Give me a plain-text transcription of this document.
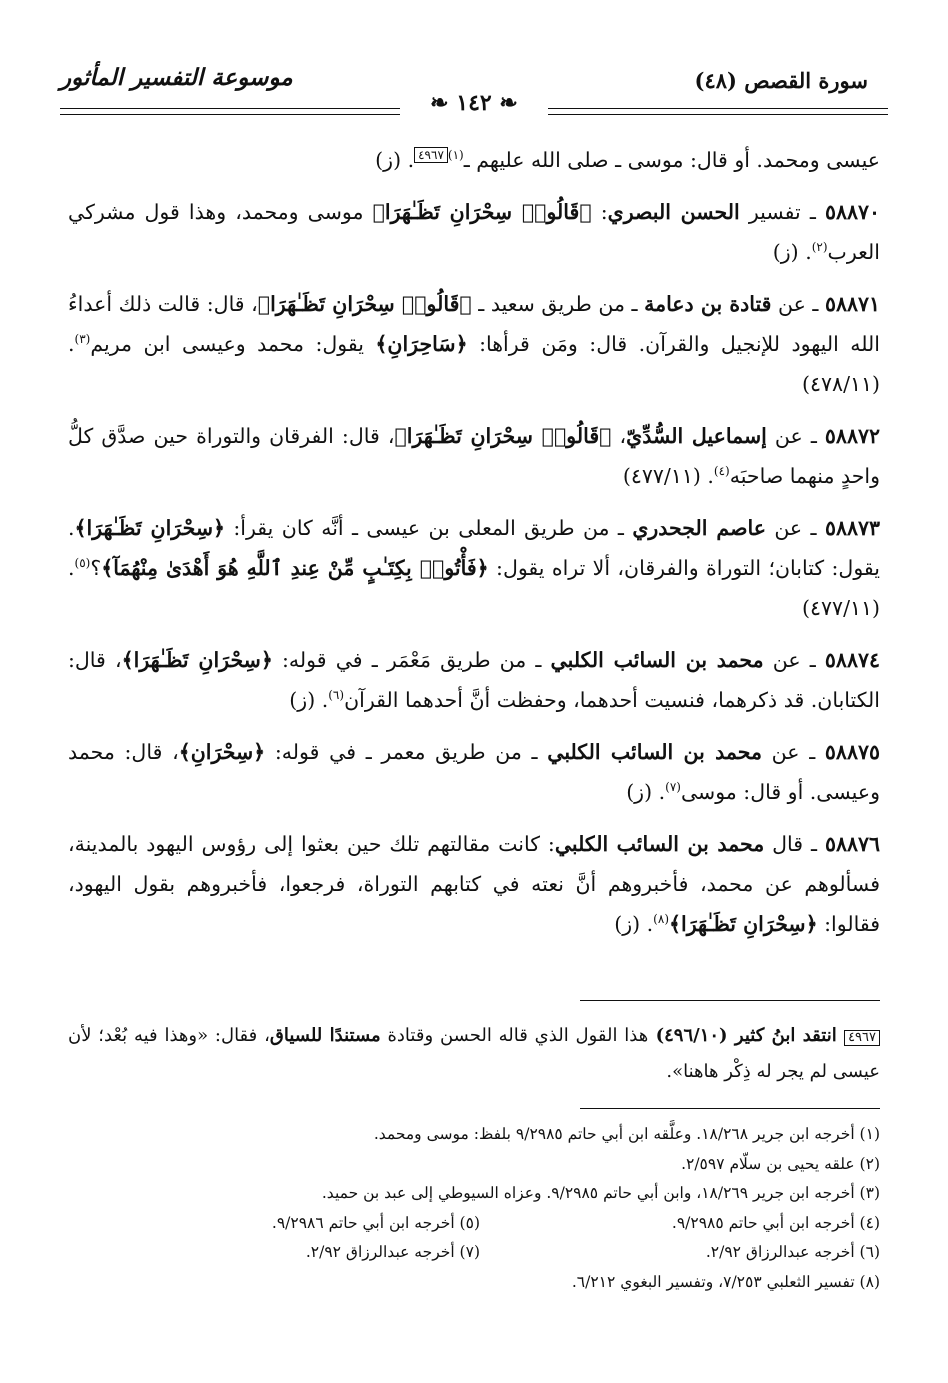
سورة القصص (٤٨)
موسوعة التفسير المأثور
❧ ١٤٢ ❧

عيسى ومحمد. أو قال: موسى ـ صلى الله عليهم ـ$^{(١)}$٤٩٦٧. (ز)

٥٨٨٧٠ ـ تفسير الحسن البصري: ﴿قَالُوا۟ سِحْرَانِ تَظَـٰهَرَا﴾ موسى ومحمد، وهذا قول مشركي العرب$^{(٢)}$. (ز)

٥٨٨٧١ ـ عن قتادة بن دعامة ـ من طريق سعيد ـ ﴿قَالُوا۟ سِحْرَانِ تَظَـٰهَرَا﴾، قال: قالت ذلك أعداءُ الله اليهود للإنجيل والقرآن. قال: ومَن قرأها: ﴿سَاحِرَانِ﴾ يقول: محمد وعيسى ابن مريم$^{(٣)}$. (٤٧٨/١١)

٥٨٨٧٢ ـ عن إسماعيل السُّدِّيّ، ﴿قَالُوا۟ سِحْرَانِ تَظَـٰهَرَا﴾، قال: الفرقان والتوراة حين صدَّق كلُّ واحدٍ منهما صاحبَه$^{(٤)}$. (٤٧٧/١١)

٥٨٨٧٣ ـ عن عاصم الجحدري ـ من طريق المعلى بن عيسى ـ أنَّه كان يقرأ: ﴿سِحْرَانِ تَظَـٰهَرَا﴾. يقول: كتابان؛ التوراة والفرقان، ألا تراه يقول: ﴿فَأْتُوا۟ بِكِتَـٰبٍ مِّنْ عِندِ ٱللَّهِ هُوَ أَهْدَىٰ مِنْهُمَآ﴾؟$^{(٥)}$. (٤٧٧/١١)

٥٨٨٧٤ ـ عن محمد بن السائب الكلبي ـ من طريق مَعْمَر ـ في قوله: ﴿سِحْرَانِ تَظَـٰهَرَا﴾، قال: الكتابان. قد ذكرهما، فنسيت أحدهما، وحفظت أنَّ أحدهما القرآن$^{(٦)}$. (ز)

٥٨٨٧٥ ـ عن محمد بن السائب الكلبي ـ من طريق معمر ـ في قوله: ﴿سِحْرَانِ﴾، قال: محمد وعيسى. أو قال: موسى$^{(٧)}$. (ز)

٥٨٨٧٦ ـ قال محمد بن السائب الكلبي: كانت مقالتهم تلك حين بعثوا إلى رؤوس اليهود بالمدينة، فسألوهم عن محمد، فأخبروهم أنَّ نعته في كتابهم التوراة، فرجعوا، فأخبروهم بقول اليهود، فقالوا: ﴿سِحْرَانِ تَظَـٰهَرَا﴾$^{(٨)}$. (ز)

٤٩٦٧ انتقد ابنُ كثير (٤٩٦/١٠) هذا القول الذي قاله الحسن وقتادة مستندًا للسياق، فقال: «وهذا فيه بُعْد؛ لأن عيسى لم يجر له ذِكْر هاهنا».
(١) أخرجه ابن جرير ١٨/٢٦٨. وعلَّقه ابن أبي حاتم ٩/٢٩٨٥ بلفظ: موسى ومحمد.
(٢) علقه يحيى بن سلّام ٢/٥٩٧.
(٣) أخرجه ابن جرير ١٨/٢٦٩، وابن أبي حاتم ٩/٢٩٨٥. وعزاه السيوطي إلى عبد بن حميد.
(٤) أخرجه ابن أبي حاتم ٩/٢٩٨٥.
(٥) أخرجه ابن أبي حاتم ٩/٢٩٨٦.
(٦) أخرجه عبدالرزاق ٢/٩٢.
(٧) أخرجه عبدالرزاق ٢/٩٢.
(٨) تفسير الثعلبي ٧/٢٥٣، وتفسير البغوي ٦/٢١٢.
